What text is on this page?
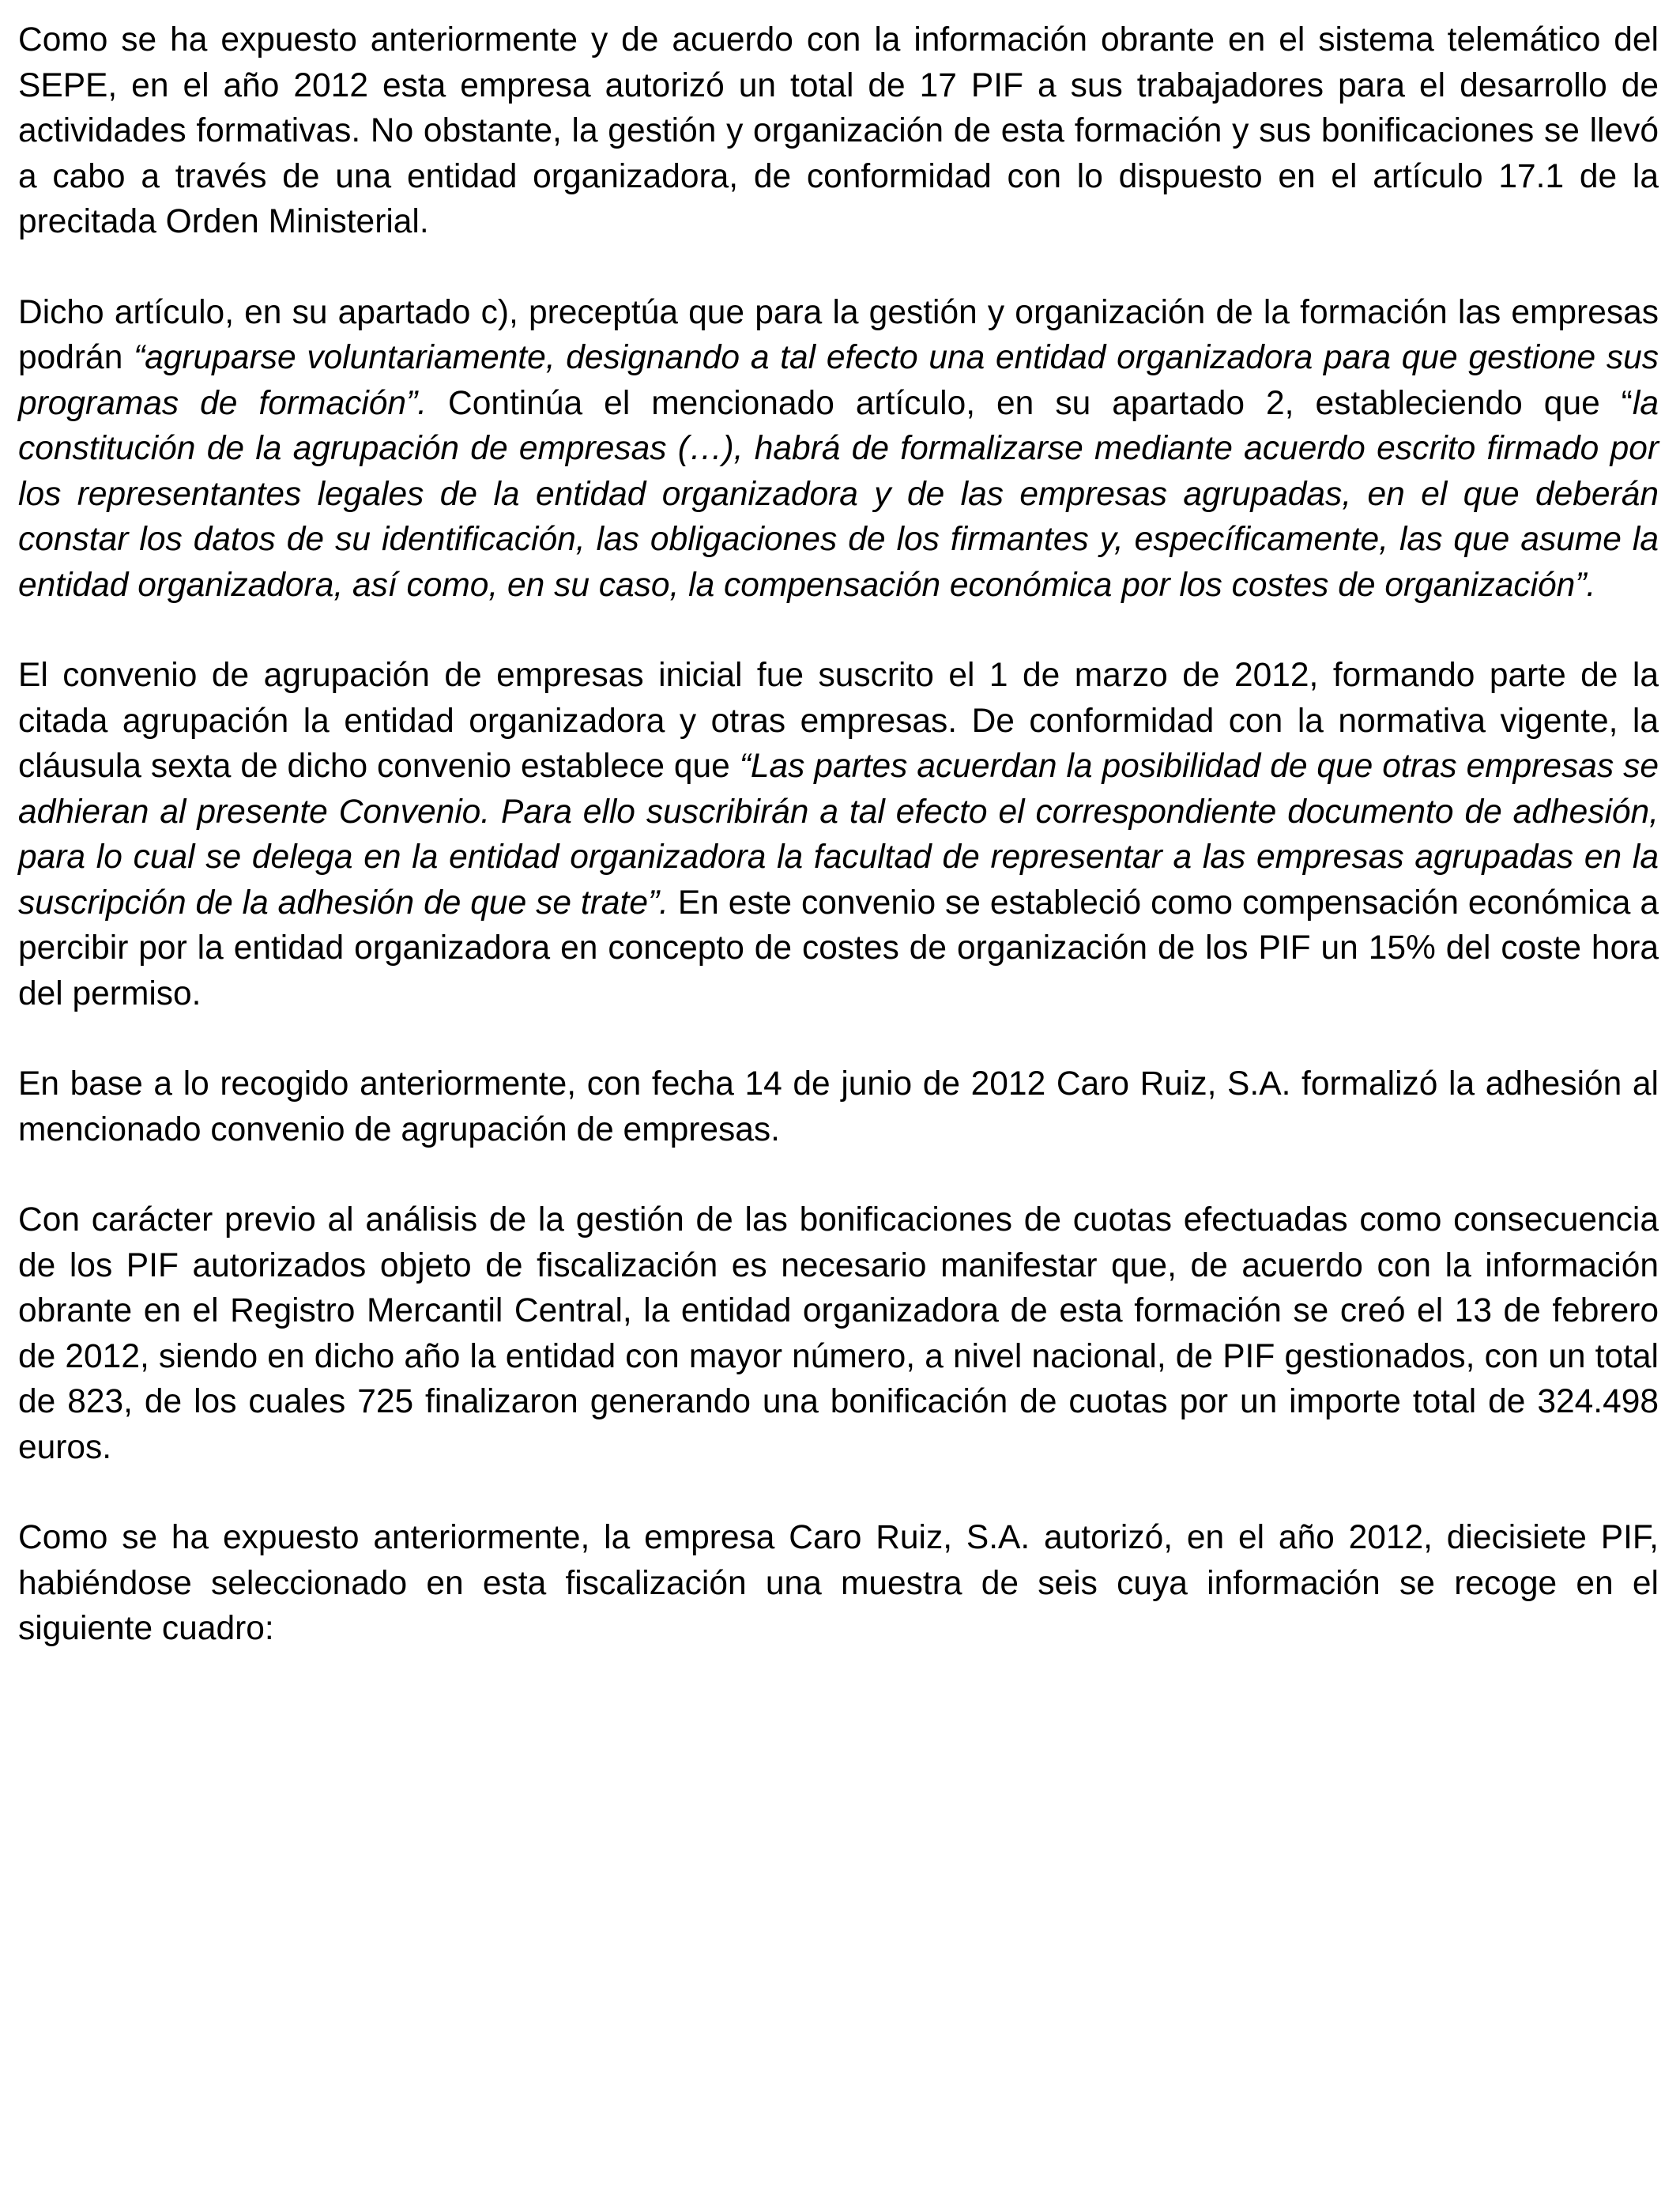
Como se ha expuesto anteriormente y de acuerdo con la información obrante en el sistema telemático del SEPE, en el año 2012 esta empresa autorizó un total de 17 PIF a sus trabajadores para el desarrollo de actividades formativas. No obstante, la gestión y organización de esta formación y sus bonificaciones se llevó a cabo a través de una entidad organizadora, de conformidad con lo dispuesto en el artículo 17.1 de la precitada Orden Ministerial.

Dicho artículo, en su apartado c), preceptúa que para la gestión y organización de la formación las empresas podrán “agruparse voluntariamente, designando a tal efecto una entidad organizadora para que gestione sus programas de formación”. Continúa el mencionado artículo, en su apartado 2, estableciendo que “la constitución de la agrupación de empresas (…), habrá de formalizarse mediante acuerdo escrito firmado por los representantes legales de la entidad organizadora y de las empresas agrupadas, en el que deberán constar los datos de su identificación, las obligaciones de los firmantes y, específicamente, las que asume la entidad organizadora, así como, en su caso, la compensación económica por los costes de organización”.

El convenio de agrupación de empresas inicial fue suscrito el 1 de marzo de 2012, formando parte de la citada agrupación la entidad organizadora y otras empresas. De conformidad con la normativa vigente, la cláusula sexta de dicho convenio establece que “Las partes acuerdan la posibilidad de que otras empresas se adhieran al presente Convenio. Para ello suscribirán a tal efecto el correspondiente documento de adhesión, para lo cual se delega en la entidad organizadora la facultad de representar a las empresas agrupadas en la suscripción de la adhesión de que se trate”. En este convenio se estableció como compensación económica a percibir por la entidad organizadora en concepto de costes de organización de los PIF un 15% del coste hora del permiso.

En base a lo recogido anteriormente, con fecha 14 de junio de 2012 Caro Ruiz, S.A. formalizó la adhesión al mencionado convenio de agrupación de empresas.

Con carácter previo al análisis de la gestión de las bonificaciones de cuotas efectuadas como consecuencia de los PIF autorizados objeto de fiscalización es necesario manifestar que, de acuerdo con la información obrante en el Registro Mercantil Central, la entidad organizadora de esta formación se creó el 13 de febrero de 2012, siendo en dicho año la entidad con mayor número, a nivel nacional, de PIF gestionados, con un total de 823, de los cuales 725 finalizaron generando una bonificación de cuotas por un importe total de 324.498 euros.

Como se ha expuesto anteriormente, la empresa Caro Ruiz, S.A. autorizó, en el año 2012, diecisiete PIF, habiéndose seleccionado en esta fiscalización una muestra de seis cuya información se recoge en el siguiente cuadro:
